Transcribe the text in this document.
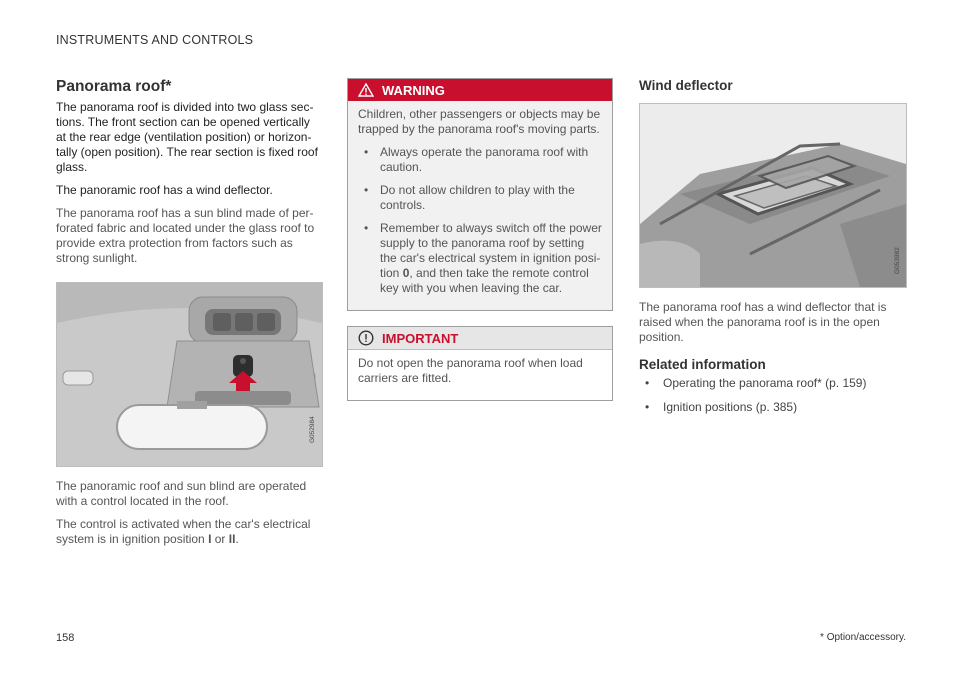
INSTRUMENTS AND CONTROLS
Panorama roof*

The panorama roof is divided into two glass sec-tions. The front section can be opened vertically at the rear edge (ventilation position) or horizon-tally (open position). The rear section is fixed roof glass.

The panoramic roof has a wind deflector.

The panorama roof has a sun blind made of per-forated fabric and located under the glass roof to provide extra protection from factors such as strong sunlight.

G052984

The panoramic roof and sun blind are operated with a control located in the roof.

The control is activated when the car's electrical system is in ignition position I or II.

WARNING

Children, other passengers or objects may be trapped by the panorama roof's moving parts.

• Always operate the panorama roof with caution.
• Do not allow children to play with the controls.
• Remember to always switch off the power supply to the panorama roof by setting the car's electrical system in ignition posi-tion 0, and then take the remote control key with you when leaving the car.
IMPORTANT

Do not open the panorama roof when load carriers are fitted.

Wind deflector
G053982

The panorama roof has a wind deflector that is raised when the panorama roof is in the open position.

Related information
• Operating the panorama roof* (p. 159)
• Ignition positions (p. 385)
158	* Option/accessory.
